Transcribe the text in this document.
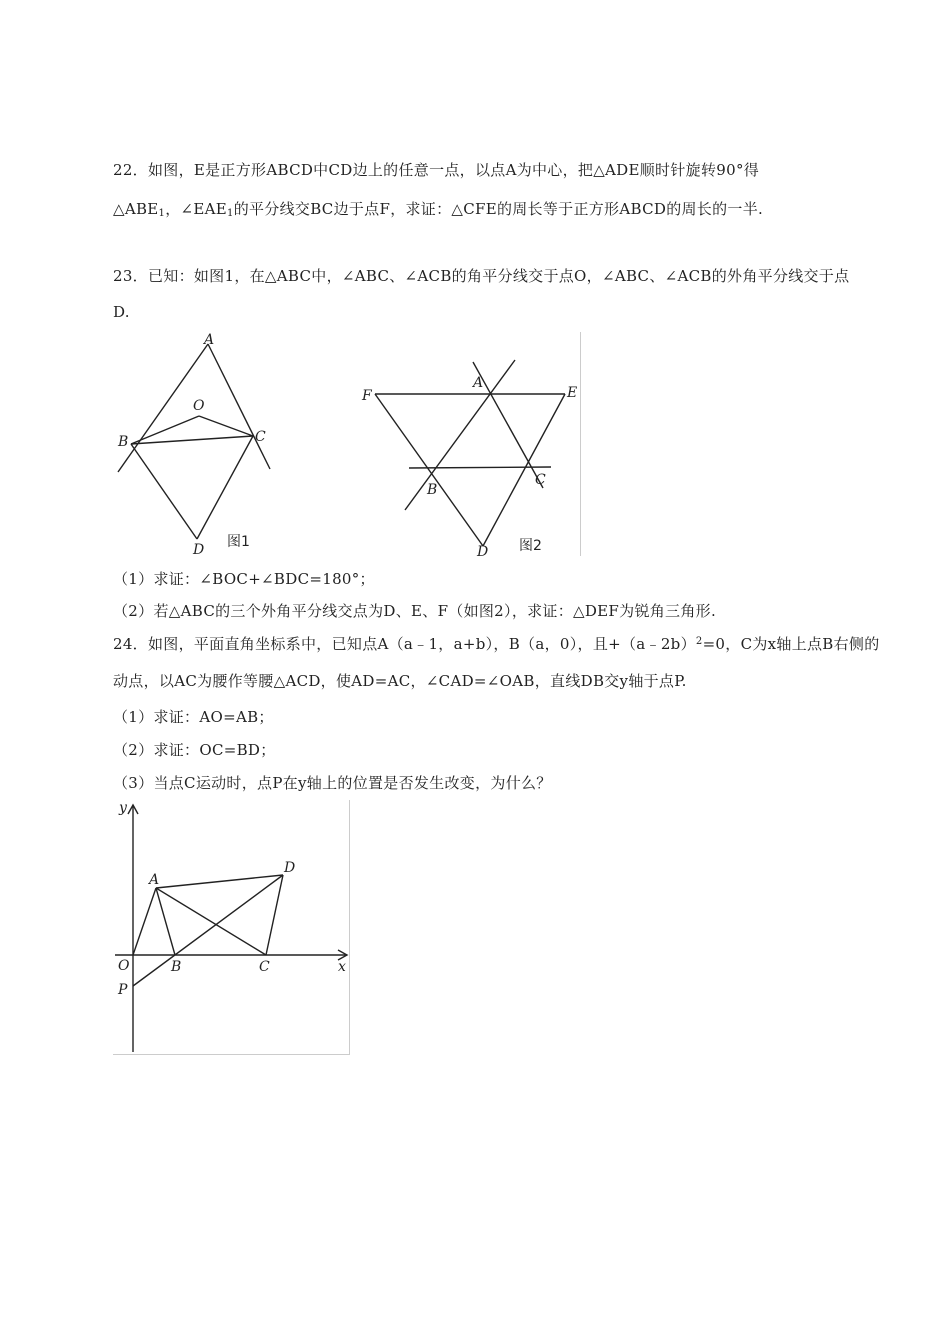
22．如图，E是正方形ABCD中CD边上的任意一点，以点A为中心，把△ADE顺时针旋转90°得
$\triangle ABE_1$，$\angle EAE_1$的平分线交BC边于点F，求证：△CFE的周长等于正方形ABCD的周长的一半.
23．已知：如图1，在△ABC中，∠ABC、∠ACB的角平分线交于点O，∠ABC、∠ACB的外角平分线交于点
D.
A
O
B	C
D 图1
F
A
E
B
C
D 图2
（1）求证：∠BOC+∠BDC=180°；
（2）若△ABC的三个外角平分线交点为D、E、F（如图2），求证：△DEF为锐角三角形.
24．如图，平面直角坐标系中，已知点A（a﹣1，a+b），B（a，0），且+（a﹣2b）$^2$=0，C为x轴上点B右侧的
动点，以AC为腰作等腰△ACD，使AD=AC，∠CAD=∠OAB，直线DB交y轴于点P.
（1）求证：AO=AB；
（2）求证：OC=BD；
（3）当点C运动时，点P在y轴上的位置是否发生改变，为什么？
y
A
D
O	B	C	x
P
